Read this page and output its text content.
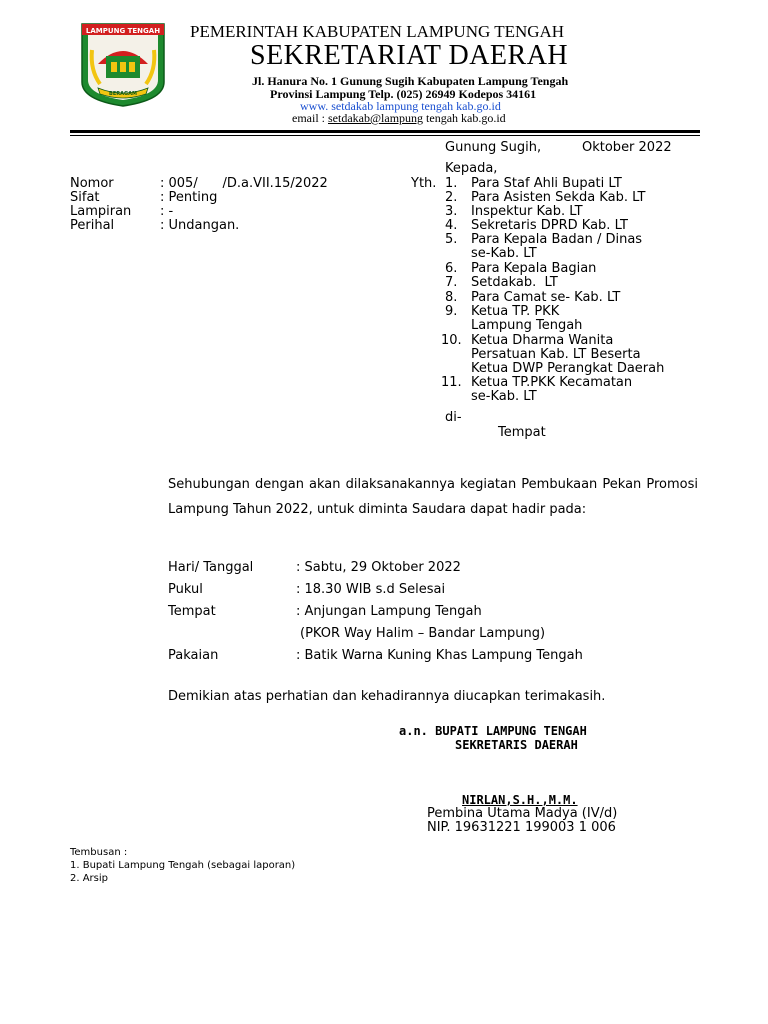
LAMPUNG TENGAH
BERAGAM
PEMERINTAH KABUPATEN LAMPUNG TENGAH
SEKRETARIAT DAERAH
Jl. Hanura No. 1 Gunung Sugih Kabupaten Lampung Tengah
Provinsi Lampung Telp. (025) 26949 Kodepos 34161
www. setdakab lampung tengah kab.go.id
email : setdakab@lampung tengah kab.go.id
Gunung Sugih,	Oktober 2022
Nomor	: 005/      /D.a.VII.15/2022
Sifat	: Penting
Lampiran : -
Perihal	: Undangan.
Kepada,
Yth. 1. Para Staf Ahli Bupati LT
2. Para Asisten Sekda Kab. LT
3. Inspektur Kab. LT
4. Sekretaris DPRD Kab. LT
5. Para Kepala Badan / Dinas
se-Kab. LT
6. Para Kepala Bagian
7. Setdakab.  LT
8. Para Camat se- Kab. LT
9. Ketua TP. PKK
Lampung Tengah
10. Ketua Dharma Wanita
Persatuan Kab. LT Beserta
Ketua DWP Perangkat Daerah
11. Ketua TP.PKK Kecamatan
se-Kab. LT
di-
Tempat
Sehubungan dengan akan dilaksanakannya kegiatan Pembukaan Pekan Promosi Lampung Tahun 2022, untuk diminta Saudara dapat hadir pada:
Hari/ Tanggal	: Sabtu, 29 Oktober 2022
Pukul	: 18.30 WIB s.d Selesai
Tempat	: Anjungan Lampung Tengah
(PKOR Way Halim – Bandar Lampung)
Pakaian	: Batik Warna Kuning Khas Lampung Tengah
Demikian atas perhatian dan kehadirannya diucapkan terimakasih.
a.n. BUPATI LAMPUNG TENGAH
SEKRETARIS DAERAH
NIRLAN,S.H.,M.M.
Pembina Utama Madya (IV/d)
NIP. 19631221 199003 1 006
Tembusan :
1. Bupati Lampung Tengah (sebagai laporan)
2. Arsip
